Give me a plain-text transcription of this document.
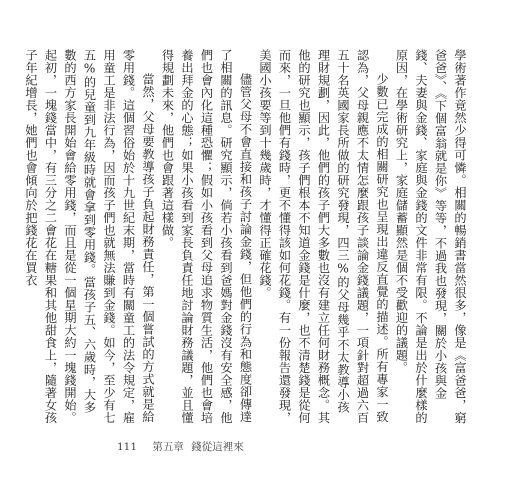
學術著作竟然少得可憐。相關的暢銷書當然很多，像是《富爸爸，窮爸爸》、《下個富翁就是你》等等，不過我也發現，關於小孩與金錢、夫妻與金錢、家庭與金錢的文件非常有限。不論是出於什麼樣的原因，在學術研究上，家庭儲蓄顯然是個不受歡迎的議題。

少數已完成的相關研究也呈現出違反直覺的描述。所有專家一致認為，父母親應不太情怎麼跟孩子談論金錢議題，一項針對超過六百五十名英國家長所做的研究發現，四三%的父母幾乎不太教導小孩理財規劃，因此，他們的孩子們大多數也沒有建立任何財務概念。其他的研究也顯示，孩子們根本不知道金錢是什麼，也不清楚錢是從何而來，一旦他們有錢時，更不懂得該如何花錢。有一份報告還發現，美國小孩要等到十幾歲時，才懂得正確花錢。

儘管父母不會直接和孩子討論金錢，但他們的行為和態度卻傳達了相關的訊息。研究顯示，倘若小孩看到爸媽對金錢沒有安全感，他們也會內化這種恐懼；假如小孩看到父母追求物質生活，他們也會培養出拜金的心態；如果小孩看到家長負責任地討論財務議題，並且懂得規劃未來，他們也會跟著這樣做。

當然，父母要教導孩子負起財務責任，第一個嘗試的方式就是給零用錢。這個習俗始於十九世紀末期，當時有關童工的法令規定，雇用童工是非法行為，因而孩子們也就無法賺到金錢。如今，至少有七五%的兒童到九年級時就會拿到零用錢。當孩子五、六歲時，大多數的西方家長開始會給零用錢，而且是從一個星期大約一塊錢開始。起初，一塊錢當中，有三分之二會花在糖果和其他甜食上，隨著女孩子年紀增長，她們也會傾向於把錢花在買衣

111 第五章 錢從這裡來
